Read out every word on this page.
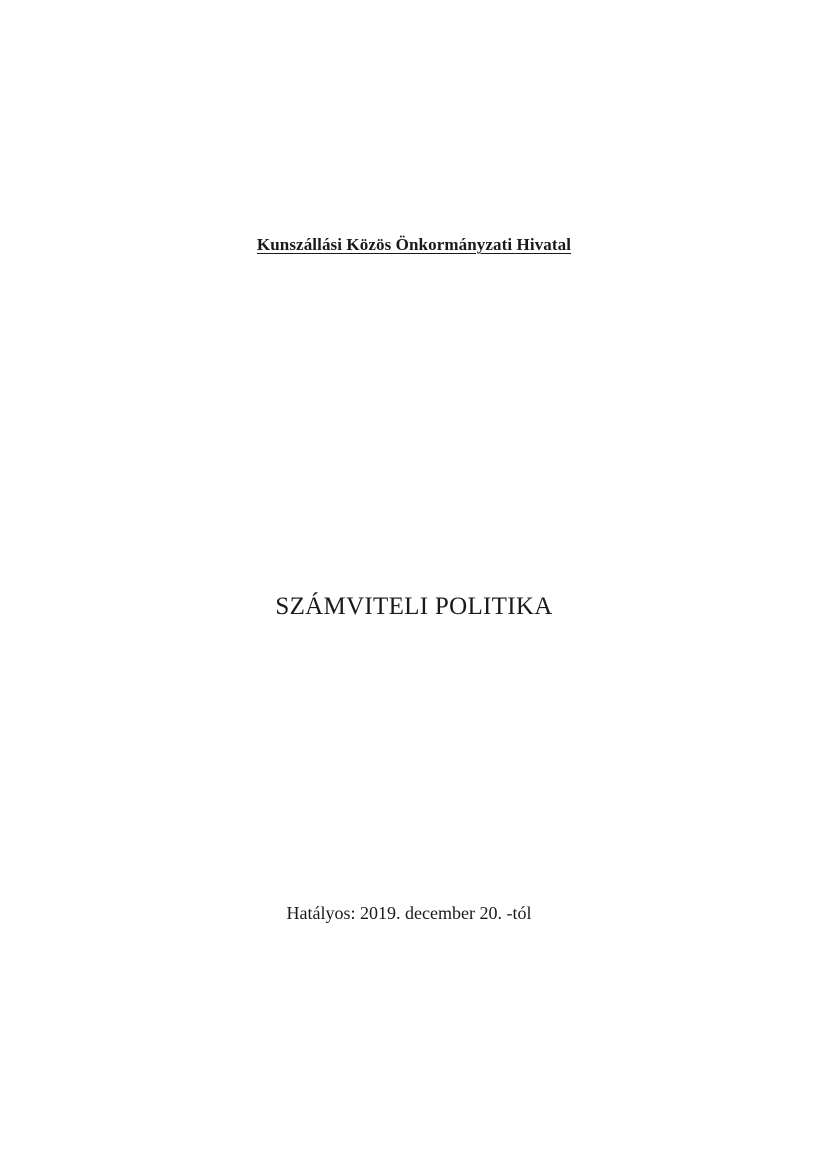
Kunszállási Közös Önkormányzati Hivatal
SZÁMVITELI POLITIKA
Hatályos: 2019. december 20. -tól
